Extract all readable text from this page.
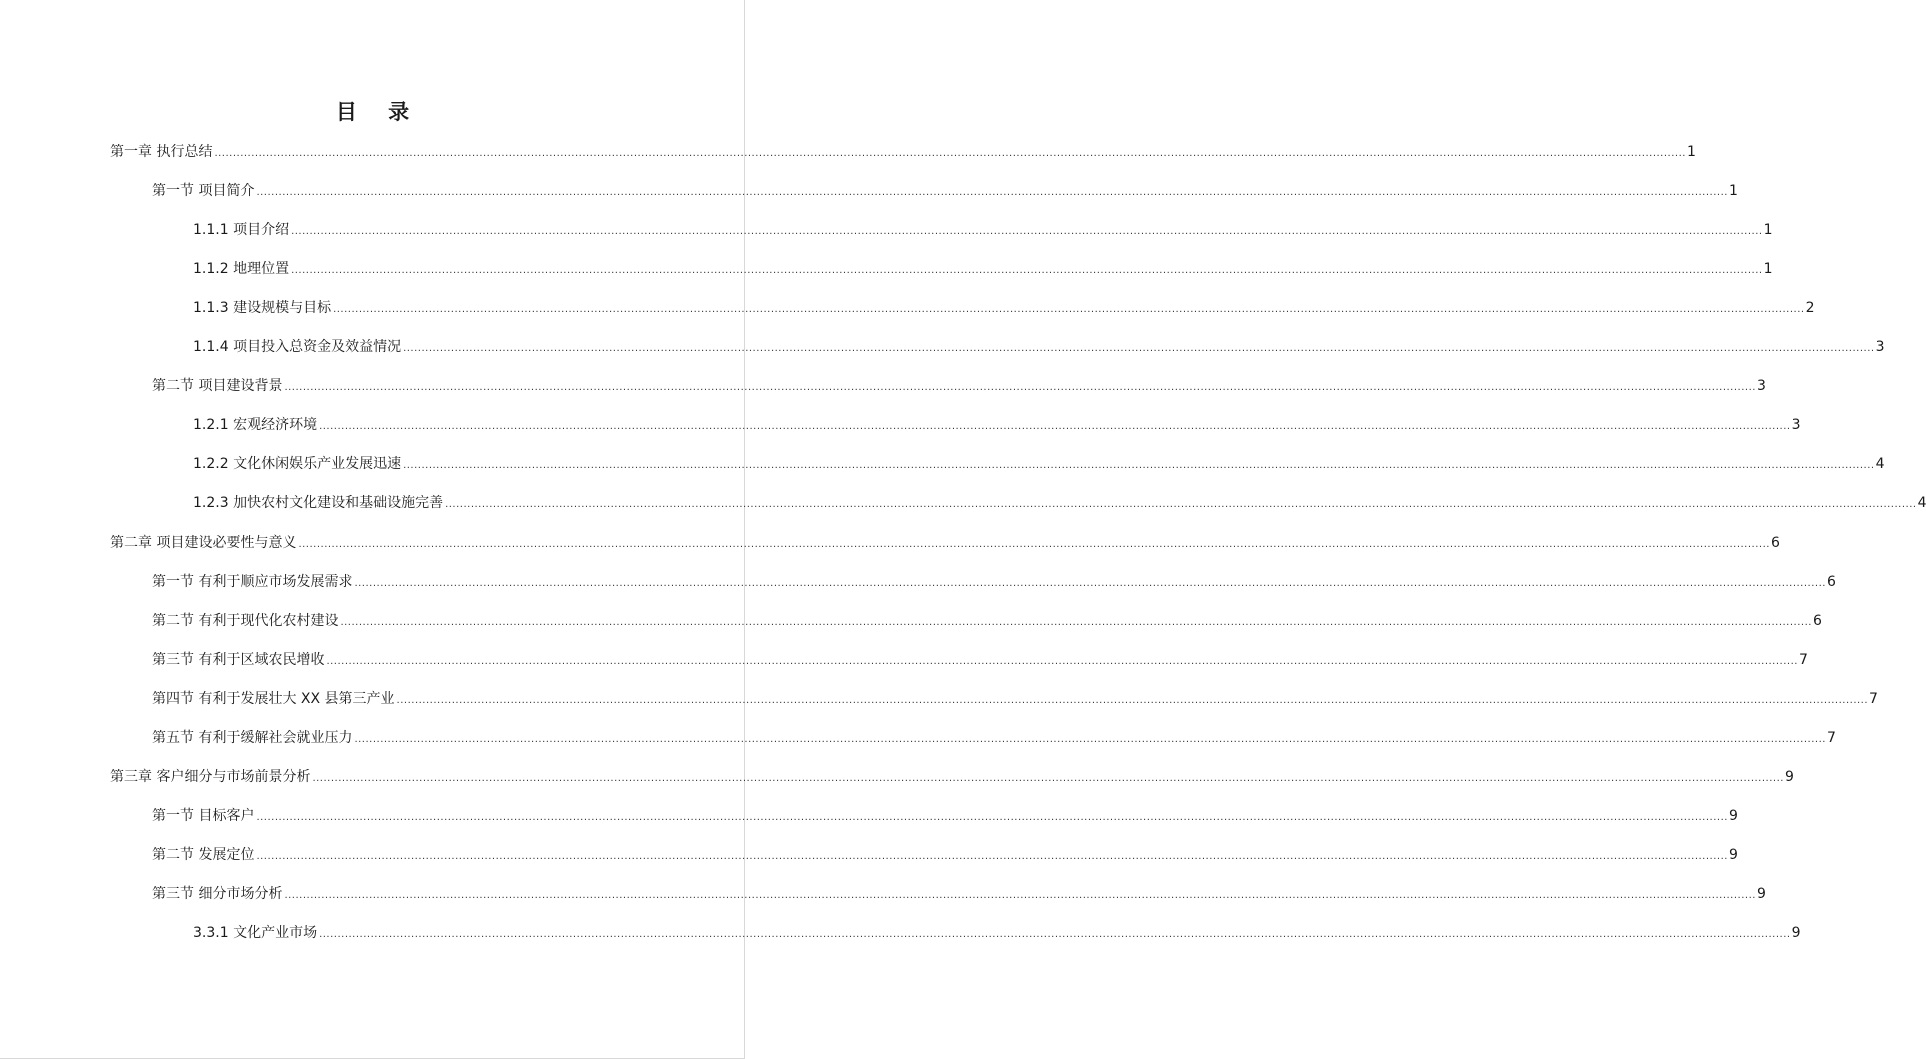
目 录
第一章 执行总结 ................................................................................................................................................................................................................................................................................................................................................................................................................ 1
第一节 项目简介 ................................................................................................................................................................................................................................................................................................................................................................................................................ 1
1.1.1 项目介绍 ................................................................................................................................................................................................................................................................................................................................................................................................................ 1
1.1.2 地理位置 ................................................................................................................................................................................................................................................................................................................................................................................................................ 1
1.1.3 建设规模与目标 ................................................................................................................................................................................................................................................................................................................................................................................................................ 2
1.1.4 项目投入总资金及效益情况 ................................................................................................................................................................................................................................................................................................................................................................................................................ 3
第二节 项目建设背景 ................................................................................................................................................................................................................................................................................................................................................................................................................ 3
1.2.1 宏观经济环境 ................................................................................................................................................................................................................................................................................................................................................................................................................ 3
1.2.2 文化休闲娱乐产业发展迅速 ................................................................................................................................................................................................................................................................................................................................................................................................................ 4
1.2.3 加快农村文化建设和基础设施完善 ................................................................................................................................................................................................................................................................................................................................................................................................................ 4
第二章 项目建设必要性与意义 ................................................................................................................................................................................................................................................................................................................................................................................................................ 6
第一节 有利于顺应市场发展需求 ................................................................................................................................................................................................................................................................................................................................................................................................................ 6
第二节 有利于现代化农村建设 ................................................................................................................................................................................................................................................................................................................................................................................................................ 6
第三节 有利于区域农民增收 ................................................................................................................................................................................................................................................................................................................................................................................................................ 7
第四节 有利于发展壮大 XX 县第三产业 ................................................................................................................................................................................................................................................................................................................................................................................................................ 7
第五节 有利于缓解社会就业压力 ................................................................................................................................................................................................................................................................................................................................................................................................................ 7
第三章 客户细分与市场前景分析 ................................................................................................................................................................................................................................................................................................................................................................................................................ 9
第一节 目标客户 ................................................................................................................................................................................................................................................................................................................................................................................................................ 9
第二节 发展定位 ................................................................................................................................................................................................................................................................................................................................................................................................................ 9
第三节 细分市场分析 ................................................................................................................................................................................................................................................................................................................................................................................................................ 9
3.3.1 文化产业市场 ................................................................................................................................................................................................................................................................................................................................................................................................................ 9
